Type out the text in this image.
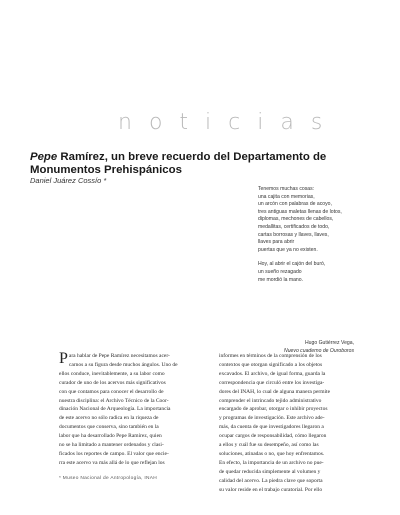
noticias
Pepe Ramírez, un breve recuerdo del Departamento de Monumentos Prehispánicos
Daniel Juárez Cossío *
Tenemos muchas cosas:
una cajita con memorias,
un arcón con palabras de acoyo,
tres antiguas maletas llenas de lotos,
diplomas, mechones de cabellos,
medallitas, certificados de todo,
cartas borrosas y llaves, llaves,
llaves para abrir
puertas que ya no existen.
Hoy, al abrir el cajón del buró,
un sueño rezagado
me mordió la mano.
Hugo Gutiérrez Vega,
Nuevo cuaderno de Ouroboros
P ara hablar de Pepe Ramírez necesitamos acer-
carnos a su figura desde muchos ángulos. Uno de
ellos conduce, inevitablemente, a su labor como
curador de uno de los acervos más significativos
con que contamos para conocer el desarrollo de
nuestra disciplina: el Archivo Técnico de la Coor-
dinación Nacional de Arqueología. La importancia
de este acervo no sólo radica en la riqueza de
documentos que conserva, sino también en la
labor que ha desarrollado Pepe Ramírez, quien
no se ha limitado a mantener ordenados y clasi-
ficados los reportes de campo. El valor que encie-
rra este acervo va más allá de lo que reflejan los
informes en términos de la comprensión de los
contextos que otorgan significado a los objetos
excavados. El archivo, de igual forma, guarda la
correspondencia que circuló entre los investiga-
dores del INAH, lo cual de alguna manera permite
comprender el intrincado tejido administrativo
encargado de aprobar, otorgar o inhibir proyectos
y programas de investigación. Este archivo ade-
más, da cuenta de que investigadores llegaron a
ocupar cargos de responsabilidad, cómo llegaron
a ellos y cuál fue su desempeño, así como las
soluciones, atinadas o no, que hoy enfrentamos.
En efecto, la importancia de un archivo no pue-
de quedar reducida simplemente al volumen y
calidad del acervo. La piedra clave que soporta
su valor reside en el trabajo curatorial. Por ello
* Museo Nacional de Antropología, INAH
